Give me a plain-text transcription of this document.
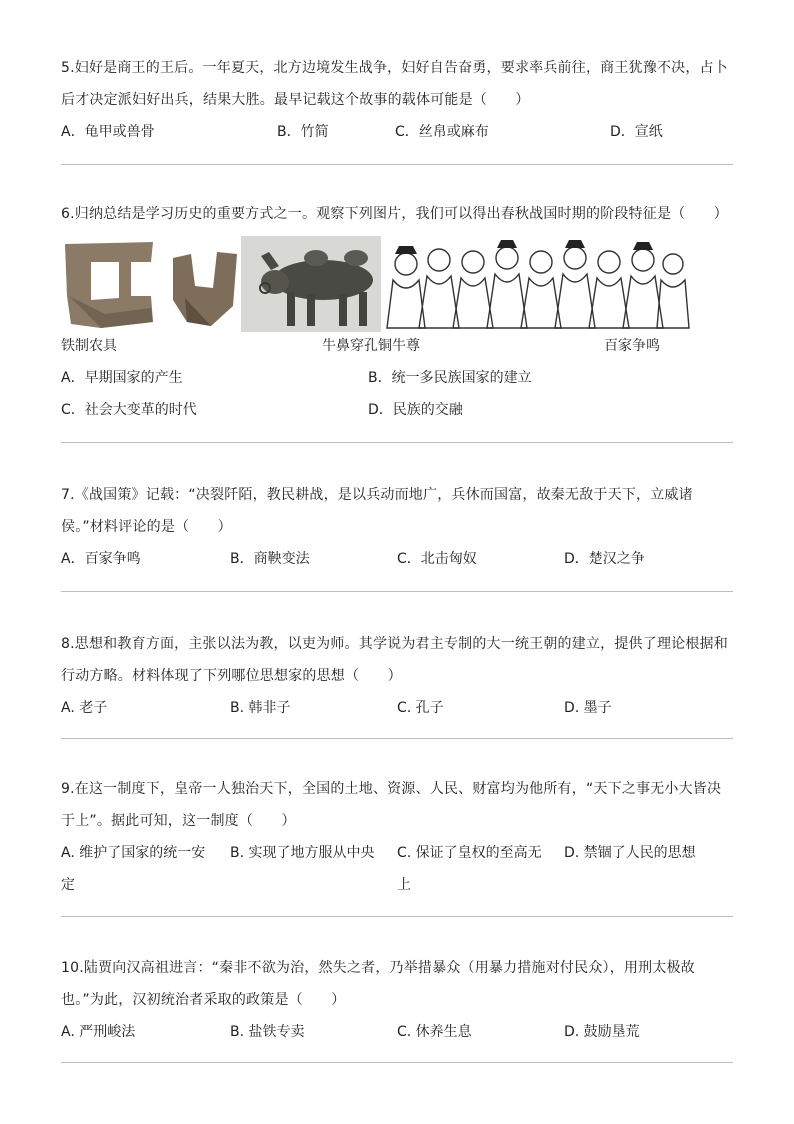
5.妇好是商王的王后。一年夏天，北方边境发生战争，妇好自告奋勇，要求率兵前往，商王犹豫不决，占卜后才决定派妇好出兵，结果大胜。最早记载这个故事的载体可能是（　　）

A．龟甲或兽骨	B．竹简	C．丝帛或麻布	D．宣纸

6.归纳总结是学习历史的重要方式之一。观察下列图片，我们可以得出春秋战国时期的阶段特征是（　　）

铁制农具	牛鼻穿孔铜牛尊	百家争鸣
A．早期国家的产生	B．统一多民族国家的建立
C．社会大变革的时代	D．民族的交融

7.《战国策》记载：“决裂阡陌，教民耕战，是以兵动而地广，兵休而国富，故秦无敌于天下，立威诸侯。”材料评论的是（　　）

A．百家争鸣	B．商鞅变法	C．北击匈奴	D．楚汉之争

8.思想和教育方面，主张以法为教，以吏为师。其学说为君主专制的大一统王朝的建立，提供了理论根据和行动方略。材料体现了下列哪位思想家的思想（　　）

A. 老子	B. 韩非子	C. 孔子	D. 墨子

9.在这一制度下，皇帝一人独治天下，全国的土地、资源、人民、财富均为他所有，“天下之事无小大皆决于上”。据此可知，这一制度（　　）

A. 维护了国家的统一安定
B. 实现了地方服从中央 C. 保证了皇权的至高无上
D. 禁锢了人民的思想

10.陆贾向汉高祖进言：“秦非不欲为治，然失之者，乃举措暴众（用暴力措施对付民众），用刑太极故也。”为此，汉初统治者采取的政策是（　　）

A. 严刑峻法	B. 盐铁专卖	C. 休养生息	D. 鼓励垦荒
